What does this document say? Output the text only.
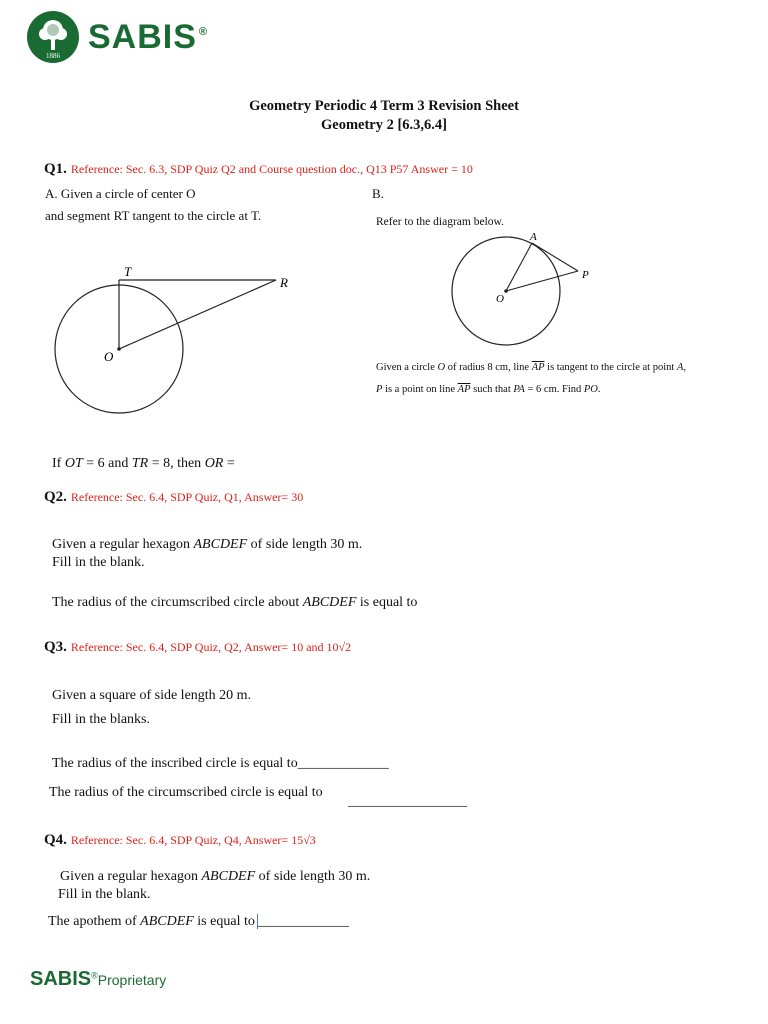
1886
SABIS ®
Geometry Periodic 4 Term 3 Revision Sheet
Geometry 2 [6.3,6.4]
Q1. Reference: Sec. 6.3, SDP Quiz Q2 and Course question doc., Q13 P57 Answer = 10
A. Given a circle of center O	B.
and segment RT tangent to the circle at T.	Refer to the diagram below.
T
R
O
A
P
O
Given a circle O of radius 8 cm, line $\overline{AP}$ is tangent to the circle at point A,
P is a point on line $\overline{AP}$ such that PA = 6 cm. Find PO.
If OT = 6 and TR = 8, then OR =
Q2. Reference: Sec. 6.4, SDP Quiz, Q1, Answer= 30
Given a regular hexagon ABCDEF of side length 30 m.
Fill in the blank.
The radius of the circumscribed circle about ABCDEF is equal to
Q3. Reference: Sec. 6.4, SDP Quiz, Q2, Answer= 10 and 10√2
Given a square of side length 20 m.
Fill in the blanks.
The radius of the inscribed circle is equal to_____________
The radius of the circumscribed circle is equal to
_________________
Q4. Reference: Sec. 6.4, SDP Quiz, Q4, Answer= 15√3
Given a regular hexagon ABCDEF of side length 30 m.
Fill in the blank.
The apothem of ABCDEF is equal to _____________
SABIS®Proprietary
